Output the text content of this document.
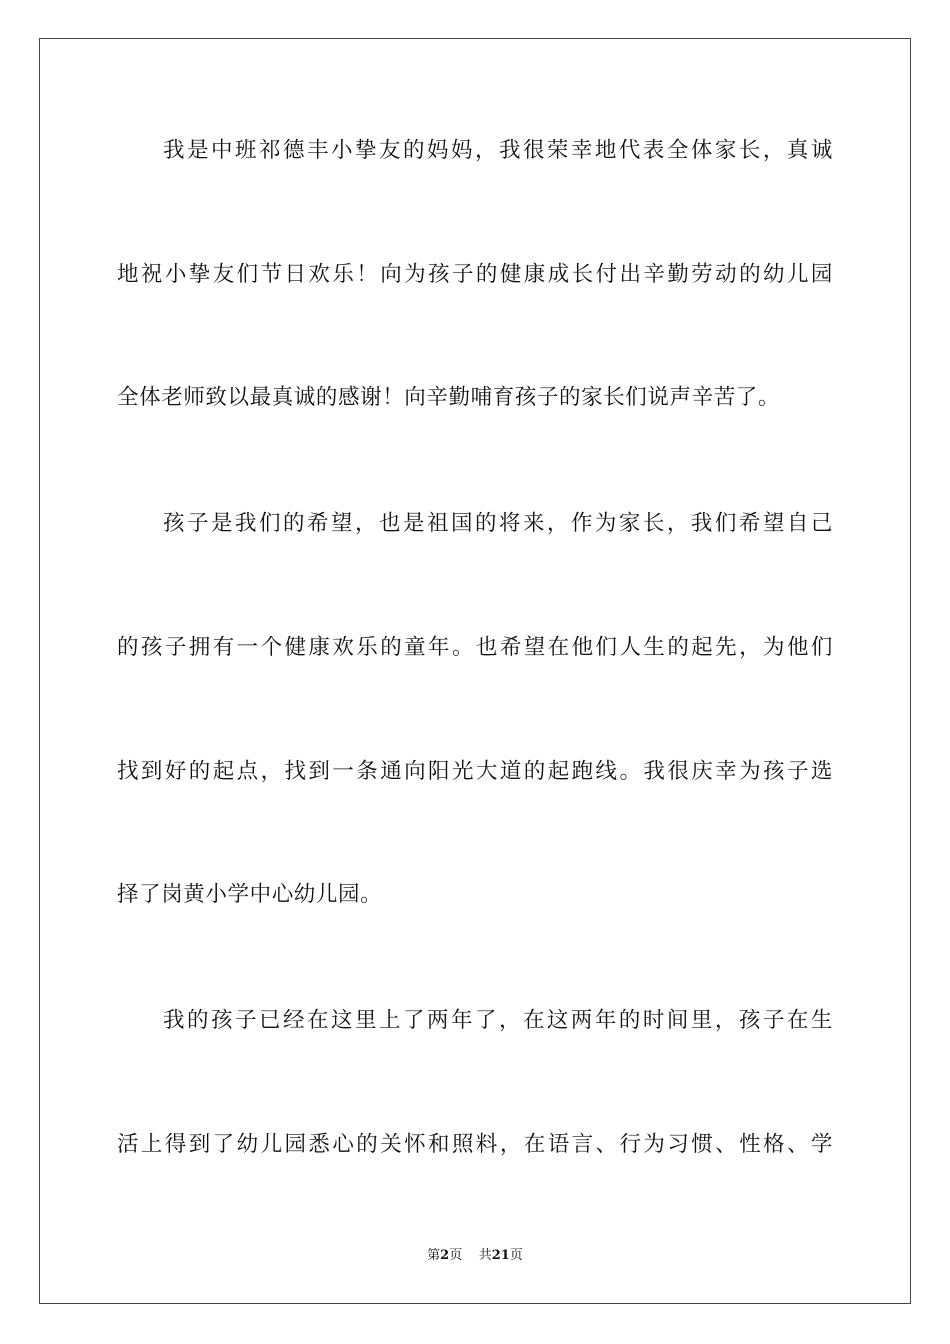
我是中班祁德丰小挚友的妈妈，我很荣幸地代表全体家长，真诚
地祝小挚友们节日欢乐！向为孩子的健康成长付出辛勤劳动的幼儿园
全体老师致以最真诚的感谢！向辛勤哺育孩子的家长们说声辛苦了。
孩子是我们的希望，也是祖国的将来，作为家长，我们希望自己
的孩子拥有一个健康欢乐的童年。也希望在他们人生的起先，为他们
找到好的起点，找到一条通向阳光大道的起跑线。我很庆幸为孩子选
择了岗黄小学中心幼儿园。
我的孩子已经在这里上了两年了，在这两年的时间里，孩子在生
活上得到了幼儿园悉心的关怀和照料，在语言、行为习惯、性格、学
第2页 共21页
